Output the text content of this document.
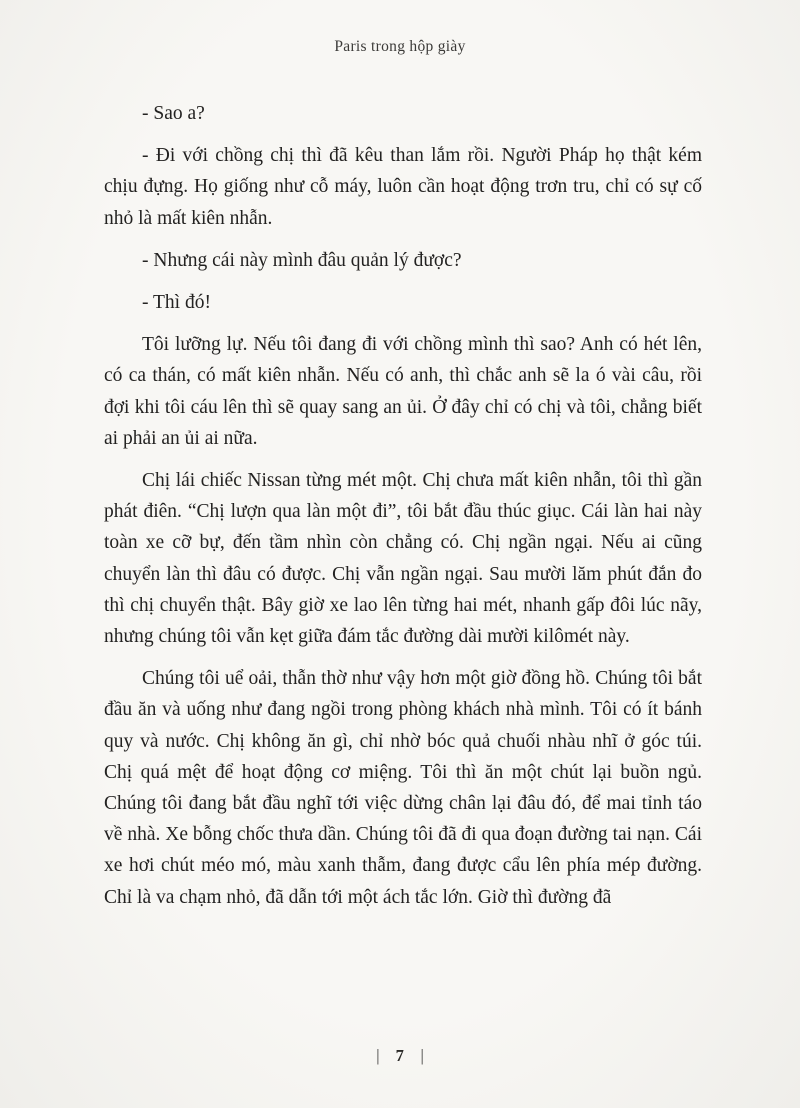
Paris trong hộp giày

- Sao a?

- Đi với chồng chị thì đã kêu than lắm rồi. Người Pháp họ thật kém chịu đựng. Họ giống như cỗ máy, luôn cần hoạt động trơn tru, chỉ có sự cố nhỏ là mất kiên nhẫn.

- Nhưng cái này mình đâu quản lý được?

- Thì đó!

Tôi lưỡng lự. Nếu tôi đang đi với chồng mình thì sao? Anh có hét lên, có ca thán, có mất kiên nhẫn. Nếu có anh, thì chắc anh sẽ la ó vài câu, rồi đợi khi tôi cáu lên thì sẽ quay sang an ủi. Ở đây chỉ có chị và tôi, chẳng biết ai phải an ủi ai nữa.

Chị lái chiếc Nissan từng mét một. Chị chưa mất kiên nhẫn, tôi thì gần phát điên. “Chị lượn qua làn một đi”, tôi bắt đầu thúc giục. Cái làn hai này toàn xe cỡ bự, đến tầm nhìn còn chẳng có. Chị ngần ngại. Nếu ai cũng chuyển làn thì đâu có được. Chị vẫn ngần ngại. Sau mười lăm phút đắn đo thì chị chuyển thật. Bây giờ xe lao lên từng hai mét, nhanh gấp đôi lúc nãy, nhưng chúng tôi vẫn kẹt giữa đám tắc đường dài mười kilômét này.

Chúng tôi uể oải, thẫn thờ như vậy hơn một giờ đồng hồ. Chúng tôi bắt đầu ăn và uống như đang ngồi trong phòng khách nhà mình. Tôi có ít bánh quy và nước. Chị không ăn gì, chỉ nhờ bóc quả chuối nhàu nhĩ ở góc túi. Chị quá mệt để hoạt động cơ miệng. Tôi thì ăn một chút lại buồn ngủ. Chúng tôi đang bắt đầu nghĩ tới việc dừng chân lại đâu đó, để mai tỉnh táo về nhà. Xe bỗng chốc thưa dần. Chúng tôi đã đi qua đoạn đường tai nạn. Cái xe hơi chút méo mó, màu xanh thẫm, đang được cẩu lên phía mép đường. Chỉ là va chạm nhỏ, đã dẫn tới một ách tắc lớn. Giờ thì đường đã

| 7 |
